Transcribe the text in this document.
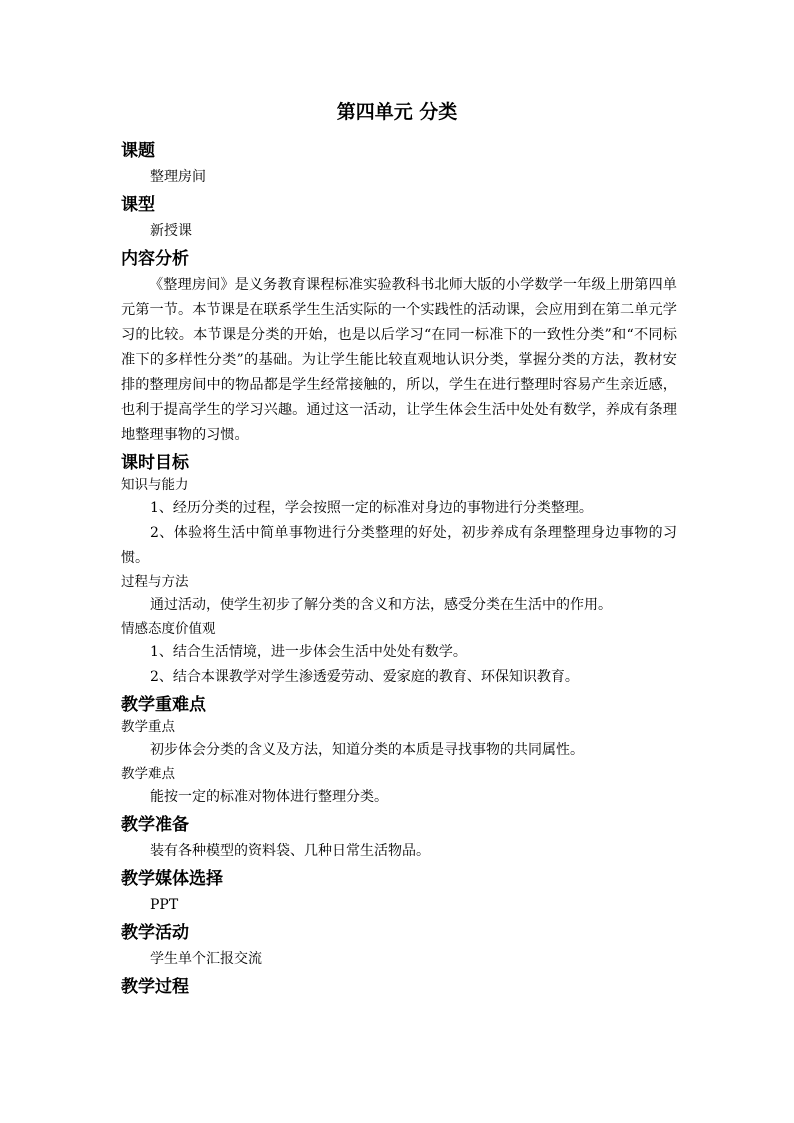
第四单元 分类
课题
整理房间
课型
新授课
内容分析
《整理房间》是义务教育课程标准实验教科书北师大版的小学数学一年级上册第四单元第一节。本节课是在联系学生生活实际的一个实践性的活动课，会应用到在第二单元学习的比较。本节课是分类的开始，也是以后学习“在同一标准下的一致性分类”和“不同标准下的多样性分类”的基础。为让学生能比较直观地认识分类，掌握分类的方法，教材安排的整理房间中的物品都是学生经常接触的，所以，学生在进行整理时容易产生亲近感，也利于提高学生的学习兴趣。通过这一活动，让学生体会生活中处处有数学，养成有条理地整理事物的习惯。
课时目标
知识与能力
1、经历分类的过程，学会按照一定的标准对身边的事物进行分类整理。
2、体验将生活中简单事物进行分类整理的好处，初步养成有条理整理身边事物的习惯。
过程与方法
通过活动，使学生初步了解分类的含义和方法，感受分类在生活中的作用。
情感态度价值观
1、结合生活情境，进一步体会生活中处处有数学。
2、结合本课教学对学生渗透爱劳动、爱家庭的教育、环保知识教育。
教学重难点
教学重点
初步体会分类的含义及方法，知道分类的本质是寻找事物的共同属性。
教学难点
能按一定的标准对物体进行整理分类。
教学准备
装有各种模型的资料袋、几种日常生活物品。
教学媒体选择
PPT
教学活动
学生单个汇报交流
教学过程
